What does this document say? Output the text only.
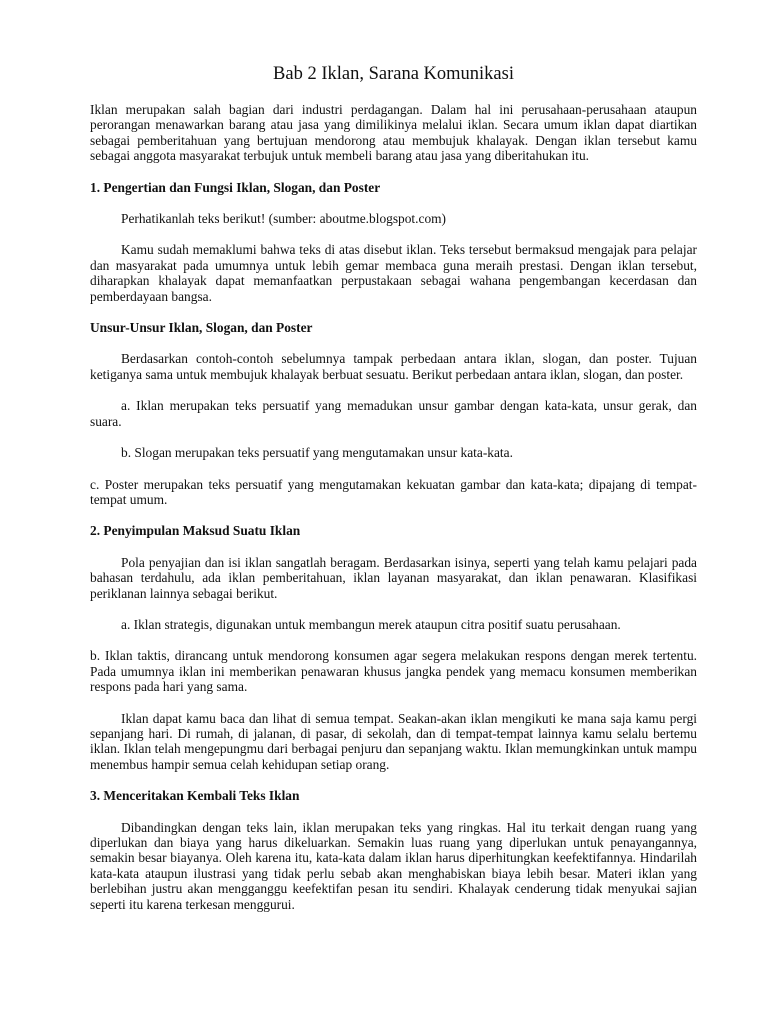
Bab 2 Iklan, Sarana Komunikasi

Iklan merupakan salah bagian dari industri perdagangan. Dalam hal ini perusahaan-perusahaan ataupun perorangan menawarkan barang atau jasa yang dimilikinya melalui iklan. Secara umum iklan dapat diartikan sebagai pemberitahuan yang bertujuan mendorong atau membujuk khalayak. Dengan iklan tersebut kamu sebagai anggota masyarakat terbujuk untuk membeli barang atau jasa yang diberitahukan itu.

1. Pengertian dan Fungsi Iklan, Slogan, dan Poster

Perhatikanlah teks berikut! (sumber: aboutme.blogspot.com)

Kamu sudah memaklumi bahwa teks di atas disebut iklan. Teks tersebut bermaksud mengajak para pelajar dan masyarakat pada umumnya untuk lebih gemar membaca guna meraih prestasi. Dengan iklan tersebut, diharapkan khalayak dapat memanfaatkan perpustakaan sebagai wahana pengembangan kecerdasan dan pemberdayaan bangsa.

Unsur-Unsur Iklan, Slogan, dan Poster

Berdasarkan contoh-contoh sebelumnya tampak perbedaan antara iklan, slogan, dan poster. Tujuan ketiganya sama untuk membujuk khalayak berbuat sesuatu. Berikut perbedaan antara iklan, slogan, dan poster.

a. Iklan merupakan teks persuatif yang memadukan unsur gambar dengan kata-kata, unsur gerak, dan suara.

b. Slogan merupakan teks persuatif yang mengutamakan unsur kata-kata.

c. Poster merupakan teks persuatif yang mengutamakan kekuatan gambar dan kata-kata; dipajang di tempat-tempat umum.

2. Penyimpulan Maksud Suatu Iklan

Pola penyajian dan isi iklan sangatlah beragam. Berdasarkan isinya, seperti yang telah kamu pelajari pada bahasan terdahulu, ada iklan pemberitahuan, iklan layanan masyarakat, dan iklan penawaran. Klasifikasi periklanan lainnya sebagai berikut.

a. Iklan strategis, digunakan untuk membangun merek ataupun citra positif suatu perusahaan.

b. Iklan taktis, dirancang untuk mendorong konsumen agar segera melakukan respons dengan merek tertentu. Pada umumnya iklan ini memberikan penawaran khusus jangka pendek yang memacu konsumen memberikan respons pada hari yang sama.

Iklan dapat kamu baca dan lihat di semua tempat. Seakan-akan iklan mengikuti ke mana saja kamu pergi sepanjang hari. Di rumah, di jalanan, di pasar, di sekolah, dan di tempat-tempat lainnya kamu selalu bertemu iklan. Iklan telah mengepungmu dari berbagai penjuru dan sepanjang waktu. Iklan memungkinkan untuk mampu menembus hampir semua celah kehidupan setiap orang.

3. Menceritakan Kembali Teks Iklan

Dibandingkan dengan teks lain, iklan merupakan teks yang ringkas. Hal itu terkait dengan ruang yang diperlukan dan biaya yang harus dikeluarkan. Semakin luas ruang yang diperlukan untuk penayangannya, semakin besar biayanya. Oleh karena itu, kata-kata dalam iklan harus diperhitungkan keefektifannya. Hindarilah kata-kata ataupun ilustrasi yang tidak perlu sebab akan menghabiskan biaya lebih besar. Materi iklan yang berlebihan justru akan mengganggu keefektifan pesan itu sendiri. Khalayak cenderung tidak menyukai sajian seperti itu karena terkesan menggurui.
